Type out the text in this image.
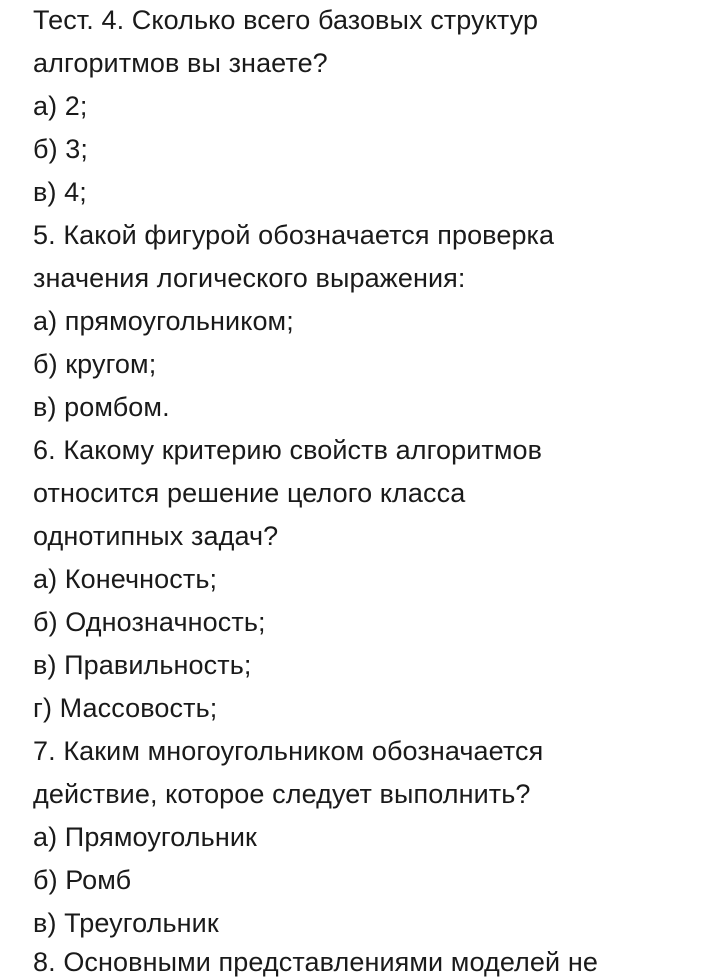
Тест. 4. Сколько всего базовых структур
алгоритмов вы знаете?
а) 2;
б) 3;
в) 4;
5. Какой фигурой обозначается проверка
значения логического выражения:
а) прямоугольником;
б) кругом;
в) ромбом.
6. Какому критерию свойств алгоритмов
относится решение целого класса
однотипных задач?
а) Конечность;
б) Однозначность;
в) Правильность;
г) Массовость;
7. Каким многоугольником обозначается
действие, которое следует выполнить?
а) Прямоугольник
б) Ромб
в) Треугольник
8. Основными представлениями моделей не
